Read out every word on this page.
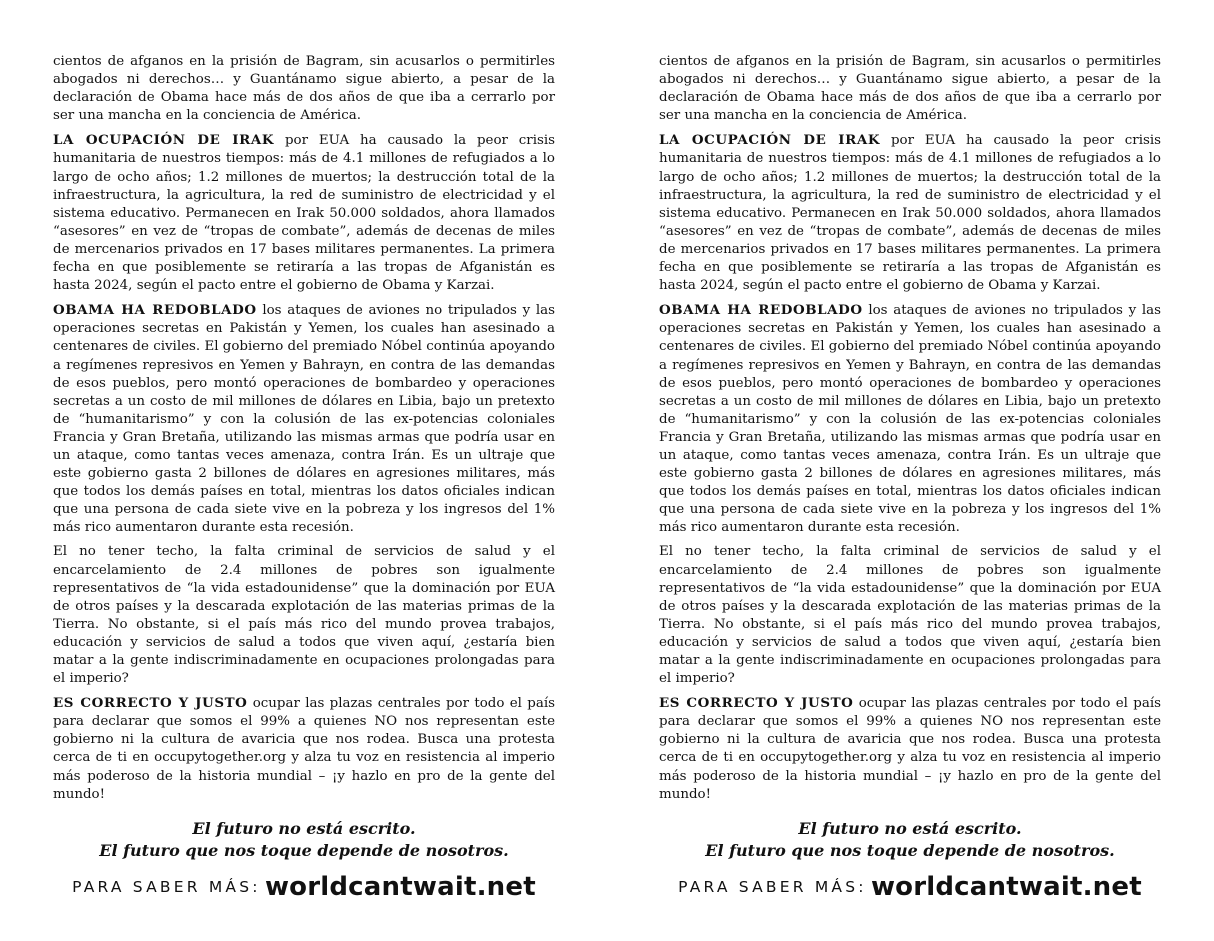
cientos de afganos en la prisión de Bagram, sin acusarlos o permitirles abogados ni derechos… y Guantánamo sigue abierto, a pesar de la declaración de Obama hace más de dos años de que iba a cerrarlo por ser una mancha en la conciencia de América.

LA OCUPACIÓN DE IRAK por EUA ha causado la peor crisis humanitaria de nuestros tiempos: más de 4.1 millones de refugiados a lo largo de ocho años; 1.2 millones de muertos; la destrucción total de la infraestructura, la agricultura, la red de suministro de electricidad y el sistema educativo. Permanecen en Irak 50.000 soldados, ahora llamados “asesores” en vez de “tropas de combate”, además de decenas de miles de mercenarios privados en 17 bases militares permanentes. La primera fecha en que posiblemente se retiraría a las tropas de Afganistán es hasta 2024, según el pacto entre el gobierno de Obama y Karzai.

OBAMA HA REDOBLADO los ataques de aviones no tripulados y las operaciones secretas en Pakistán y Yemen, los cuales han asesinado a centenares de civiles. El gobierno del premiado Nóbel continúa apoyando a regímenes represivos en Yemen y Bahrayn, en contra de las demandas de esos pueblos, pero montó operaciones de bombardeo y operaciones secretas a un costo de mil millones de dólares en Libia, bajo un pretexto de “humanitarismo” y con la colusión de las ex-potencias coloniales Francia y Gran Bretaña, utilizando las mismas armas que podría usar en un ataque, como tantas veces amenaza, contra Irán. Es un ultraje que este gobierno gasta 2 billones de dólares en agresiones militares, más que todos los demás países en total, mientras los datos oficiales indican que una persona de cada siete vive en la pobreza y los ingresos del 1% más rico aumentaron durante esta recesión.

El no tener techo, la falta criminal de servicios de salud y el encarcelamiento de 2.4 millones de pobres son igualmente representativos de “la vida estadounidense” que la dominación por EUA de otros países y la descarada explotación de las materias primas de la Tierra. No obstante, si el país más rico del mundo provea trabajos, educación y servicios de salud a todos que viven aquí, ¿estaría bien matar a la gente indiscriminadamente en ocupaciones prolongadas para el imperio?

ES CORRECTO Y JUSTO ocupar las plazas centrales por todo el país para declarar que somos el 99% a quienes NO nos representan este gobierno ni la cultura de avaricia que nos rodea. Busca una protesta cerca de ti en occupytogether.org y alza tu voz en resistencia al imperio más poderoso de la historia mundial – ¡y hazlo en pro de la gente del mundo!

El futuro no está escrito.
El futuro que nos toque depende de nosotros.
PARA SABER MÁS: worldcantwait.net

cientos de afganos en la prisión de Bagram, sin acusarlos o permitirles abogados ni derechos… y Guantánamo sigue abierto, a pesar de la declaración de Obama hace más de dos años de que iba a cerrarlo por ser una mancha en la conciencia de América.

LA OCUPACIÓN DE IRAK por EUA ha causado la peor crisis humanitaria de nuestros tiempos: más de 4.1 millones de refugiados a lo largo de ocho años; 1.2 millones de muertos; la destrucción total de la infraestructura, la agricultura, la red de suministro de electricidad y el sistema educativo. Permanecen en Irak 50.000 soldados, ahora llamados “asesores” en vez de “tropas de combate”, además de decenas de miles de mercenarios privados en 17 bases militares permanentes. La primera fecha en que posiblemente se retiraría a las tropas de Afganistán es hasta 2024, según el pacto entre el gobierno de Obama y Karzai.

OBAMA HA REDOBLADO los ataques de aviones no tripulados y las operaciones secretas en Pakistán y Yemen, los cuales han asesinado a centenares de civiles. El gobierno del premiado Nóbel continúa apoyando a regímenes represivos en Yemen y Bahrayn, en contra de las demandas de esos pueblos, pero montó operaciones de bombardeo y operaciones secretas a un costo de mil millones de dólares en Libia, bajo un pretexto de “humanitarismo” y con la colusión de las ex-potencias coloniales Francia y Gran Bretaña, utilizando las mismas armas que podría usar en un ataque, como tantas veces amenaza, contra Irán. Es un ultraje que este gobierno gasta 2 billones de dólares en agresiones militares, más que todos los demás países en total, mientras los datos oficiales indican que una persona de cada siete vive en la pobreza y los ingresos del 1% más rico aumentaron durante esta recesión.

El no tener techo, la falta criminal de servicios de salud y el encarcelamiento de 2.4 millones de pobres son igualmente representativos de “la vida estadounidense” que la dominación por EUA de otros países y la descarada explotación de las materias primas de la Tierra. No obstante, si el país más rico del mundo provea trabajos, educación y servicios de salud a todos que viven aquí, ¿estaría bien matar a la gente indiscriminadamente en ocupaciones prolongadas para el imperio?

ES CORRECTO Y JUSTO ocupar las plazas centrales por todo el país para declarar que somos el 99% a quienes NO nos representan este gobierno ni la cultura de avaricia que nos rodea. Busca una protesta cerca de ti en occupytogether.org y alza tu voz en resistencia al imperio más poderoso de la historia mundial – ¡y hazlo en pro de la gente del mundo!

El futuro no está escrito.
El futuro que nos toque depende de nosotros.
PARA SABER MÁS: worldcantwait.net
